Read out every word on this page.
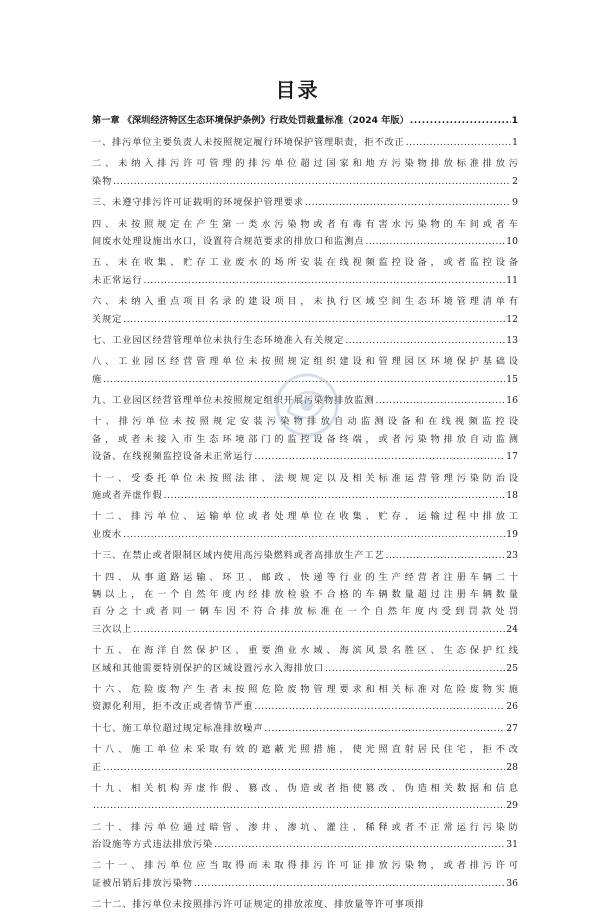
目录
第一章 《深圳经济特区生态环境保护条例》行政处罚裁量标准（2024 年版） .....	1
一、排污单位主要负责人未按照规定履行环境保护管理职责，拒不改正 .....	1
二、未纳入排污许可管理的排污单位超过国家和地方污染物排放标准排放污
染物 .....	2
三、未遵守排污许可证载明的环境保护管理要求 .....	9
四、未按照规定在产生第一类水污染物或者有毒有害水污染物的车间或者车
间废水处理设施出水口，设置符合规范要求的排放口和监测点 .....	10
五、未在收集、贮存工业废水的场所安装在线视频监控设备，或者监控设备
未正常运行 .....	11
六、未纳入重点项目名录的建设项目，未执行区域空间生态环境管理清单有
关规定 .....	12
七、工业园区经营管理单位未执行生态环境准入有关规定 .....	13
八、工业园区经营管理单位未按照规定组织建设和管理园区环境保护基础设
施 .....	15
九、工业园区经营管理单位未按照规定组织开展污染物排放监测 .....	16
十、排污单位未按照规定安装污染物排放自动监测设备和在线视频监控设
备，或者未接入市生态环境部门的监控设备终端，或者污染物排放自动监测
设备、在线视频监控设备未正常运行 .....	17
十一、受委托单位未按照法律、法规规定以及相关标准运营管理污染防治设
施或者弄虚作假 .....	18
十二、排污单位、运输单位或者处理单位在收集、贮存、运输过程中排放工
业废水 .....	19
十三、在禁止或者限制区域内使用高污染燃料或者高排放生产工艺 .....	23
十四、从事道路运输、环卫、邮政、快递等行业的生产经营者注册车辆二十
辆以上，在一个自然年度内经排放检验不合格的车辆数量超过注册车辆数量
百分之十或者同一辆车因不符合排放标准在一个自然年度内受到罚款处罚
三次以上 .....	24
十五、在海洋自然保护区、重要渔业水域、海滨风景名胜区、生态保护红线
区域和其他需要特别保护的区域设置污水入海排放口 .....	25
十六、危险废物产生者未按照危险废物管理要求和相关标准对危险废物实施
资源化利用，拒不改正或者情节严重 .....	26
十七、施工单位超过规定标准排放噪声 .....	27
十八、施工单位未采取有效的遮蔽光照措施，使光照直射居民住宅，拒不改
正 .....	28
十九、相关机构弄虚作假、篡改、伪造或者指使篡改、伪造相关数据和信息
.....
29
二十、排污单位通过暗管、渗井、渗坑、灌注、稀释或者不正常运行污染防
治设施等方式违法排放污染 .....	31
二十一、排污单位应当取得而未取得排污许可证排放污染物，或者排污许可
证被吊销后排放污染物 .....	36
二十二、排污单位未按照排污许可证规定的排放浓度、排放量等许可事项排
